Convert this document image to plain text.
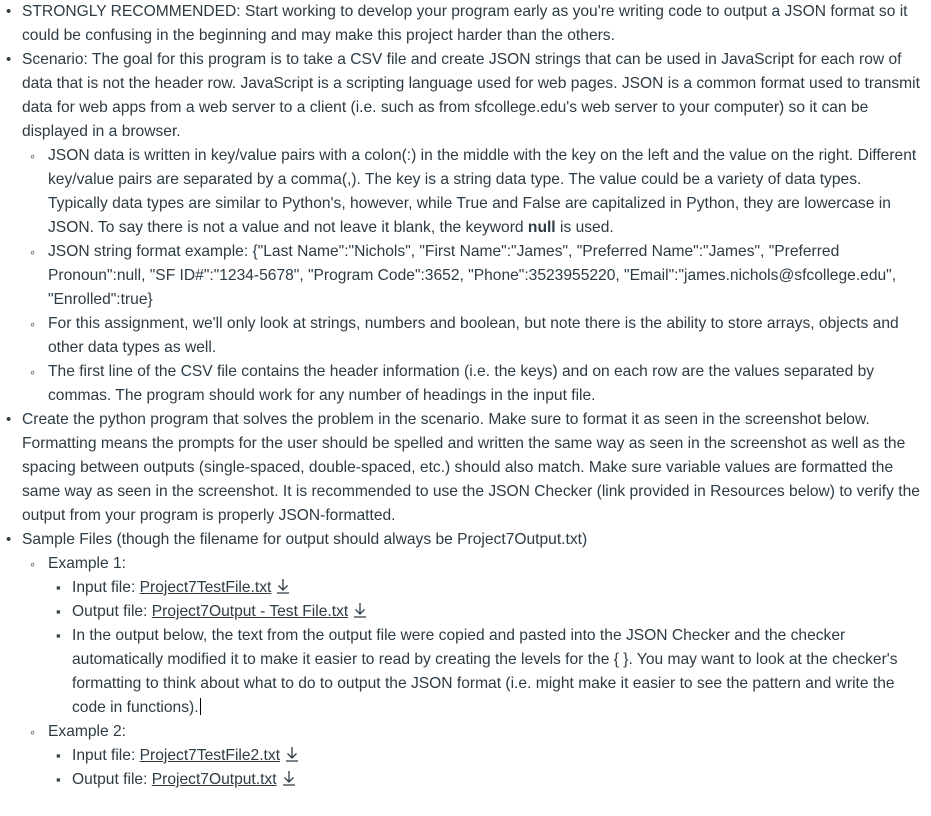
• STRONGLY RECOMMENDED: Start working to develop your program early as you're writing code to output a JSON format so it could be confusing in the beginning and may make this project harder than the others.
• Scenario: The goal for this program is to take a CSV file and create JSON strings that can be used in JavaScript for each row of data that is not the header row. JavaScript is a scripting language used for web pages. JSON is a common format used to transmit data for web apps from a web server to a client (i.e. such as from sfcollege.edu's web server to your computer) so it can be displayed in a browser.
◦ JSON data is written in key/value pairs with a colon(:) in the middle with the key on the left and the value on the right. Different key/value pairs are separated by a comma(,). The key is a string data type. The value could be a variety of data types. Typically data types are similar to Python's, however, while True and False are capitalized in Python, they are lowercase in JSON. To say there is not a value and not leave it blank, the keyword null is used.
◦ JSON string format example: {"Last Name":"Nichols", "First Name":"James", "Preferred Name":"James", "Preferred Pronoun":null, "SF ID#":"1234-5678", "Program Code":3652, "Phone":3523955220, "Email":"james.nichols@sfcollege.edu", "Enrolled":true}
◦ For this assignment, we'll only look at strings, numbers and boolean, but note there is the ability to store arrays, objects and other data types as well.
◦ The first line of the CSV file contains the header information (i.e. the keys) and on each row are the values separated by commas. The program should work for any number of headings in the input file.
• Create the python program that solves the problem in the scenario. Make sure to format it as seen in the screenshot below. Formatting means the prompts for the user should be spelled and written the same way as seen in the screenshot as well as the spacing between outputs (single-spaced, double-spaced, etc.) should also match. Make sure variable values are formatted the same way as seen in the screenshot. It is recommended to use the JSON Checker (link provided in Resources below) to verify the output from your program is properly JSON-formatted.
• Sample Files (though the filename for output should always be Project7Output.txt)
◦ Example 1:
▪ Input file: Project7TestFile.txt
▪ Output file: Project7Output - Test File.txt
▪ In the output below, the text from the output file were copied and pasted into the JSON Checker and the checker automatically modified it to make it easier to read by creating the levels for the { }. You may want to look at the checker's formatting to think about what to do to output the JSON format (i.e. might make it easier to see the pattern and write the code in functions).
◦ Example 2:
▪ Input file: Project7TestFile2.txt
▪ Output file: Project7Output.txt
